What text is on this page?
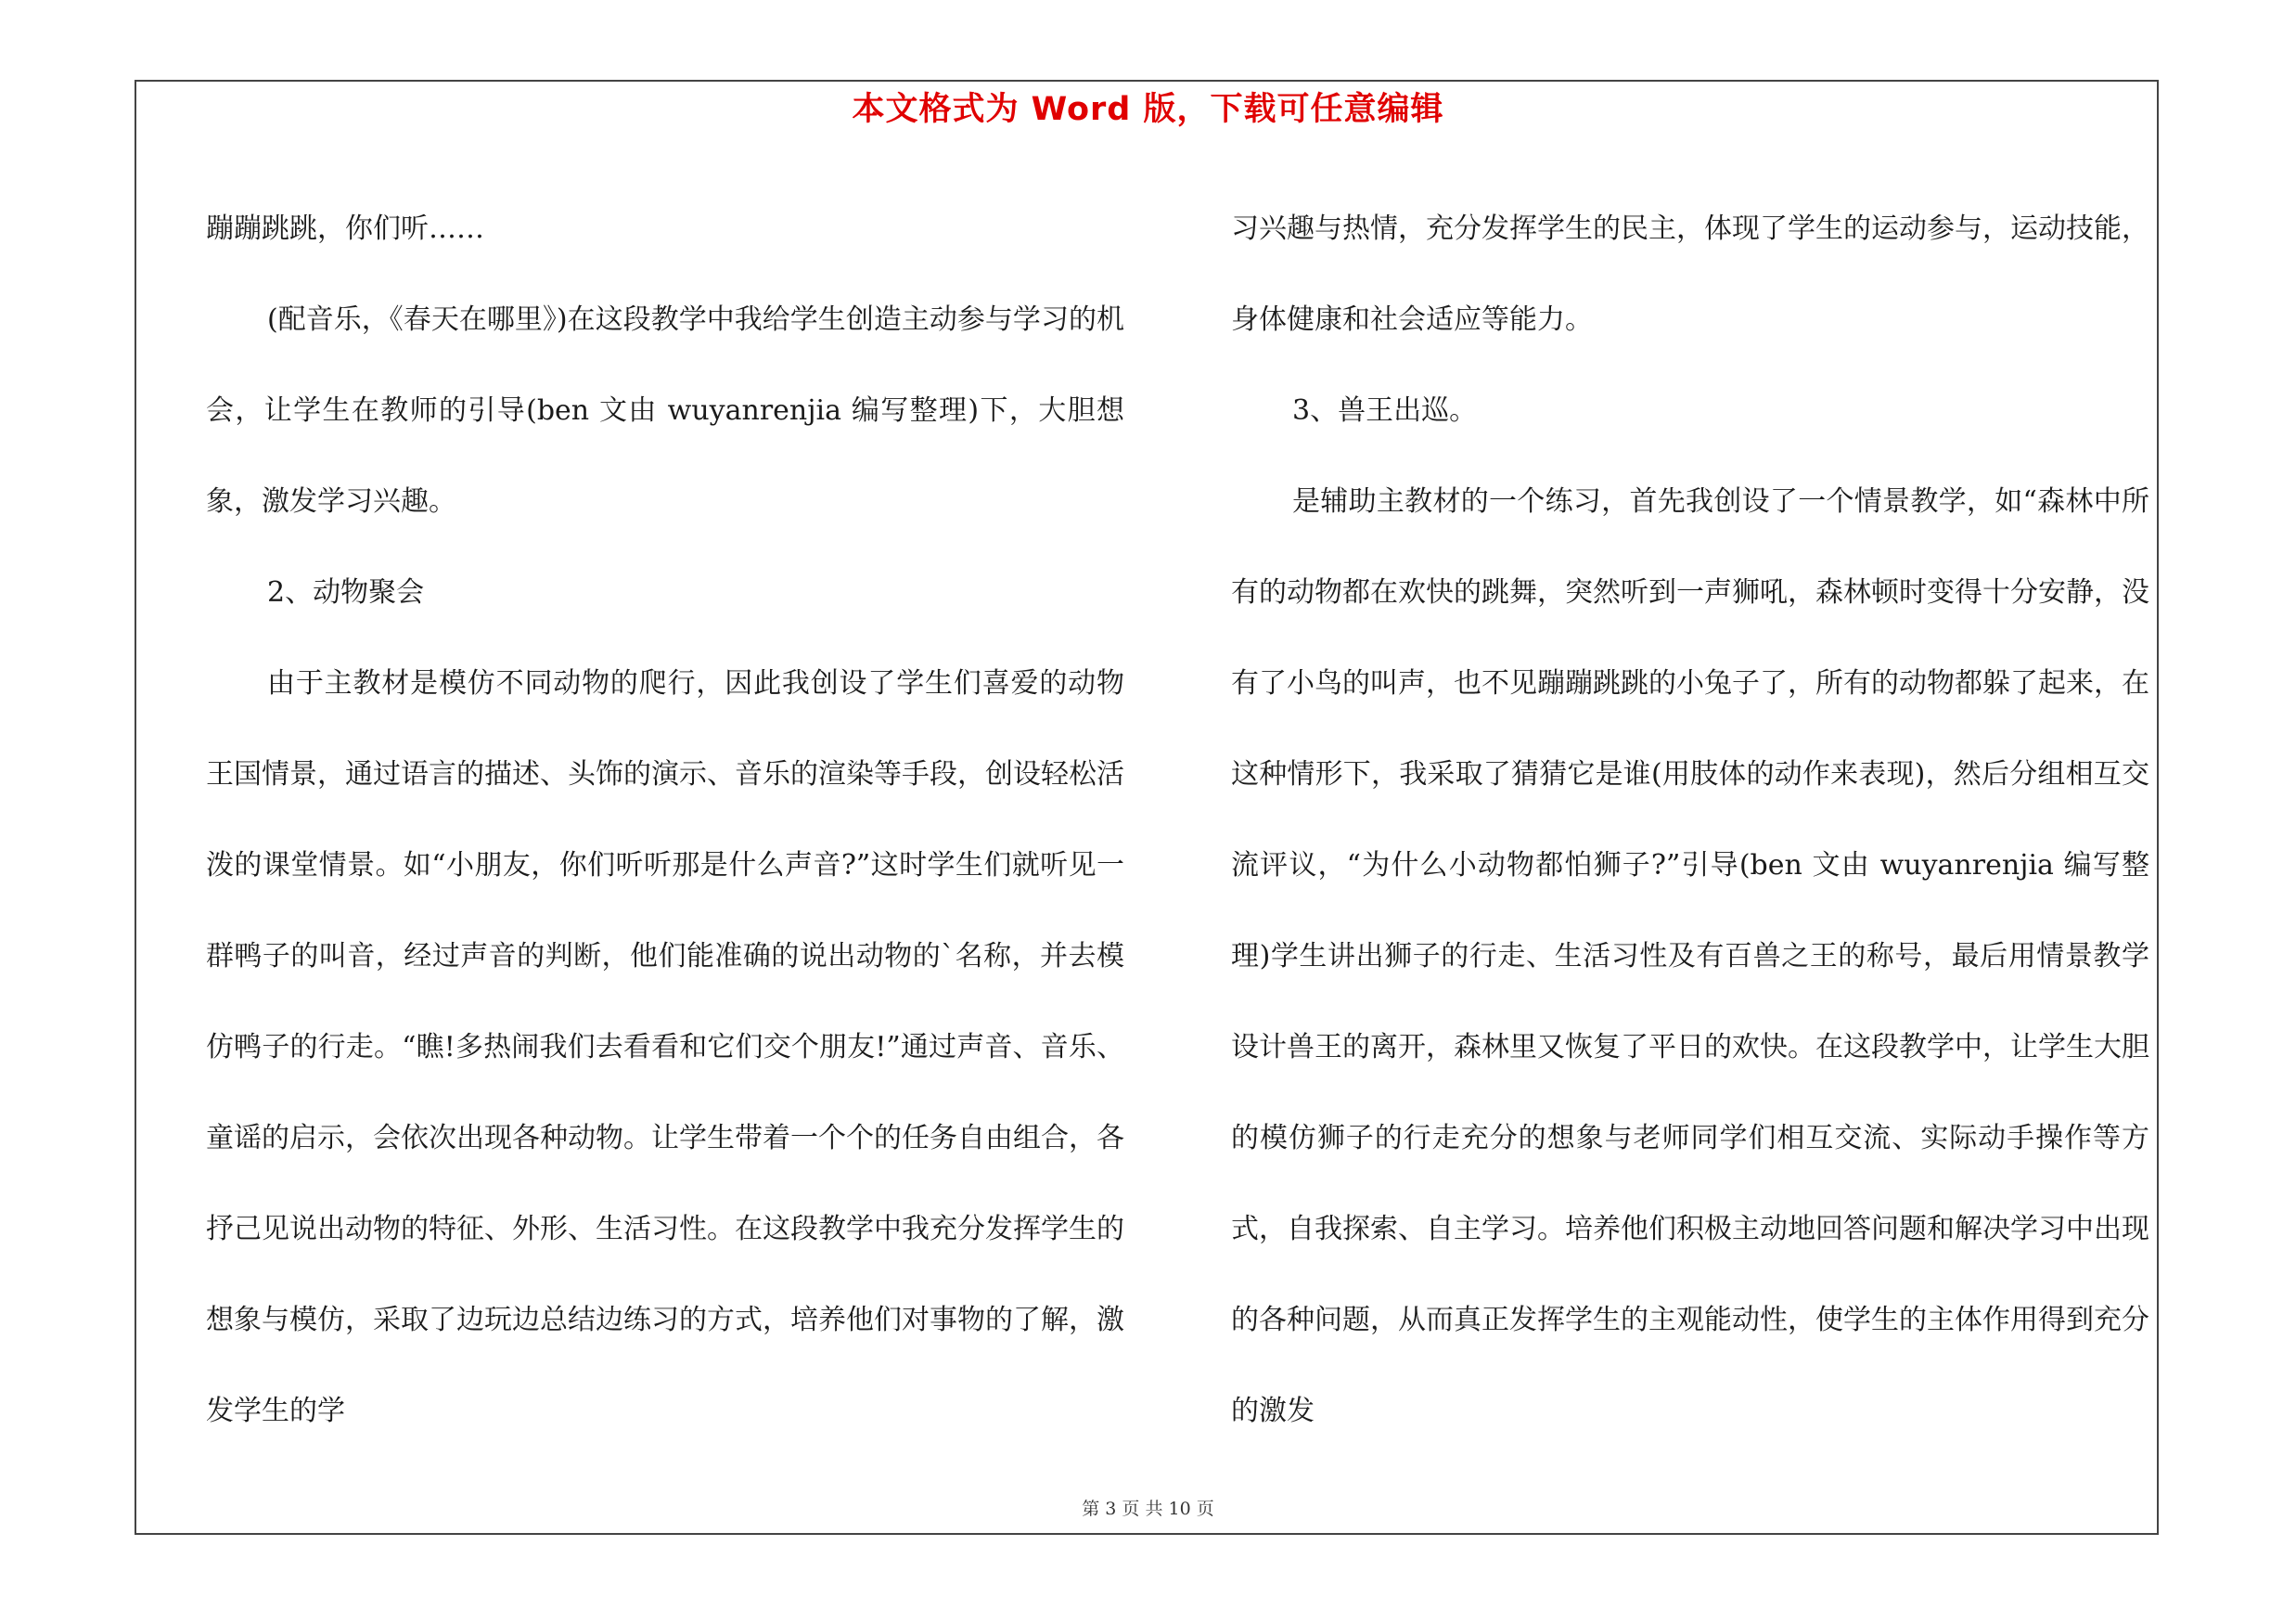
本文格式为 Word 版，下载可任意编辑

蹦蹦跳跳，你们听……

(配音乐，《春天在哪里》)在这段教学中我给学生创造主动参与学习的机会，让学生在教师的引导(ben 文由 wuyanrenjia 编写整理)下，大胆想象，激发学习兴趣。

2、动物聚会

由于主教材是模仿不同动物的爬行，因此我创设了学生们喜爱的动物王国情景，通过语言的描述、头饰的演示、音乐的渲染等手段，创设轻松活泼的课堂情景。如“小朋友，你们听听那是什么声音?”这时学生们就听见一群鸭子的叫音，经过声音的判断，他们能准确的说出动物的`名称，并去模仿鸭子的行走。“瞧!多热闹我们去看看和它们交个朋友!”通过声音、音乐、童谣的启示，会依次出现各种动物。让学生带着一个个的任务自由组合，各抒己见说出动物的特征、外形、生活习性。在这段教学中我充分发挥学生的想象与模仿，采取了边玩边总结边练习的方式，培养他们对事物的了解，激发学生的学

习兴趣与热情，充分发挥学生的民主，体现了学生的运动参与，运动技能，身体健康和社会适应等能力。

3、兽王出巡。

是辅助主教材的一个练习，首先我创设了一个情景教学，如“森林中所有的动物都在欢快的跳舞，突然听到一声狮吼，森林顿时变得十分安静，没有了小鸟的叫声，也不见蹦蹦跳跳的小兔子了，所有的动物都躲了起来，在这种情形下，我采取了猜猜它是谁(用肢体的动作来表现)，然后分组相互交流评议，“为什么小动物都怕狮子?”引导(ben 文由 wuyanrenjia 编写整理)学生讲出狮子的行走、生活习性及有百兽之王的称号，最后用情景教学设计兽王的离开，森林里又恢复了平日的欢快。在这段教学中，让学生大胆的模仿狮子的行走充分的想象与老师同学们相互交流、实际动手操作等方式，自我探索、自主学习。培养他们积极主动地回答问题和解决学习中出现的各种问题，从而真正发挥学生的主观能动性，使学生的主体作用得到充分的激发

第 3 页 共 10 页
